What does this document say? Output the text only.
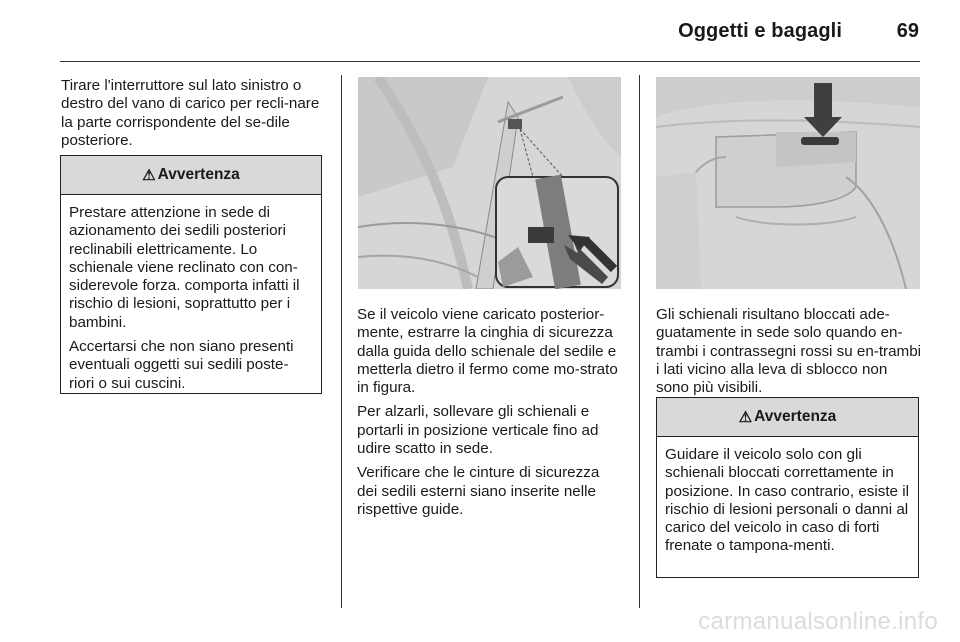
Oggetti e bagagli	69

Tirare l'interruttore sul lato sinistro o destro del vano di carico per recli-nare la parte corrispondente del se-dile posteriore.

⚠ Avvertenza

Prestare attenzione in sede di azionamento dei sedili posteriori reclinabili elettricamente. Lo schienale viene reclinato con con-siderevole forza. comporta infatti il rischio di lesioni, soprattutto per i bambini.

Accertarsi che non siano presenti eventuali oggetti sui sedili poste-riori o sui cuscini.

Se il veicolo viene caricato posterior-mente, estrarre la cinghia di sicurezza dalla guida dello schienale del sedile e metterla dietro il fermo come mo-strato in figura.

Per alzarli, sollevare gli schienali e portarli in posizione verticale fino ad udire scatto in sede.

Verificare che le cinture di sicurezza dei sedili esterni siano inserite nelle rispettive guide.

Gli schienali risultano bloccati ade-guatamente in sede solo quando en-trambi i contrassegni rossi su en-trambi i lati vicino alla leva di sblocco non sono più visibili.

⚠ Avvertenza

Guidare il veicolo solo con gli schienali bloccati correttamente in posizione. In caso contrario, esiste il rischio di lesioni personali o danni al carico del veicolo in caso di forti frenate o tampona-menti.

carmanualsonline.info
